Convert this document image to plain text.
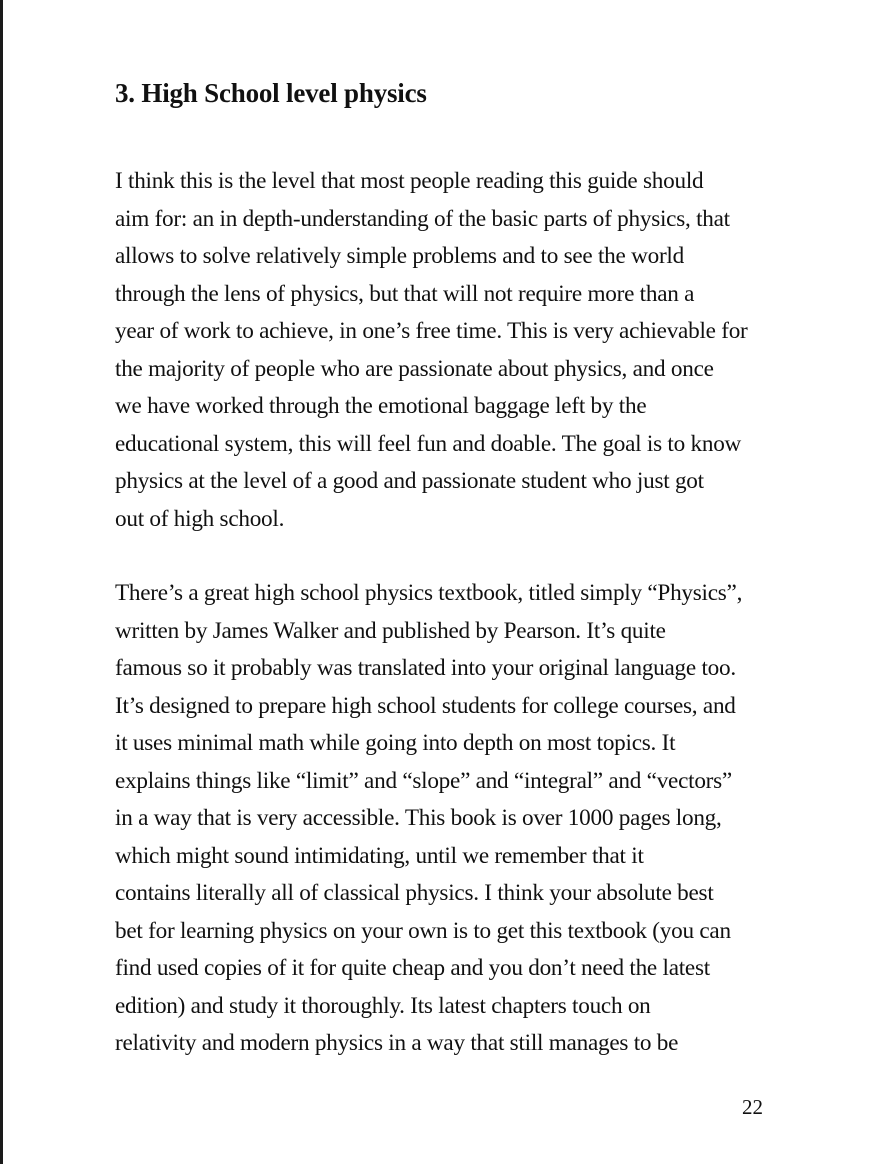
3. High School level physics

I think this is the level that most people reading this guide should
aim for: an in depth-understanding of the basic parts of physics, that
allows to solve relatively simple problems and to see the world
through the lens of physics, but that will not require more than a
year of work to achieve, in one’s free time. This is very achievable for
the majority of people who are passionate about physics, and once
we have worked through the emotional baggage left by the
educational system, this will feel fun and doable. The goal is to know
physics at the level of a good and passionate student who just got
out of high school.

There’s a great high school physics textbook, titled simply “Physics”,
written by James Walker and published by Pearson. It’s quite
famous so it probably was translated into your original language too.
It’s designed to prepare high school students for college courses, and
it uses minimal math while going into depth on most topics. It
explains things like “limit” and “slope” and “integral” and “vectors”
in a way that is very accessible. This book is over 1000 pages long,
which might sound intimidating, until we remember that it
contains literally all of classical physics. I think your absolute best
bet for learning physics on your own is to get this textbook (you can
find used copies of it for quite cheap and you don’t need the latest
edition) and study it thoroughly. Its latest chapters touch on
relativity and modern physics in a way that still manages to be

22
